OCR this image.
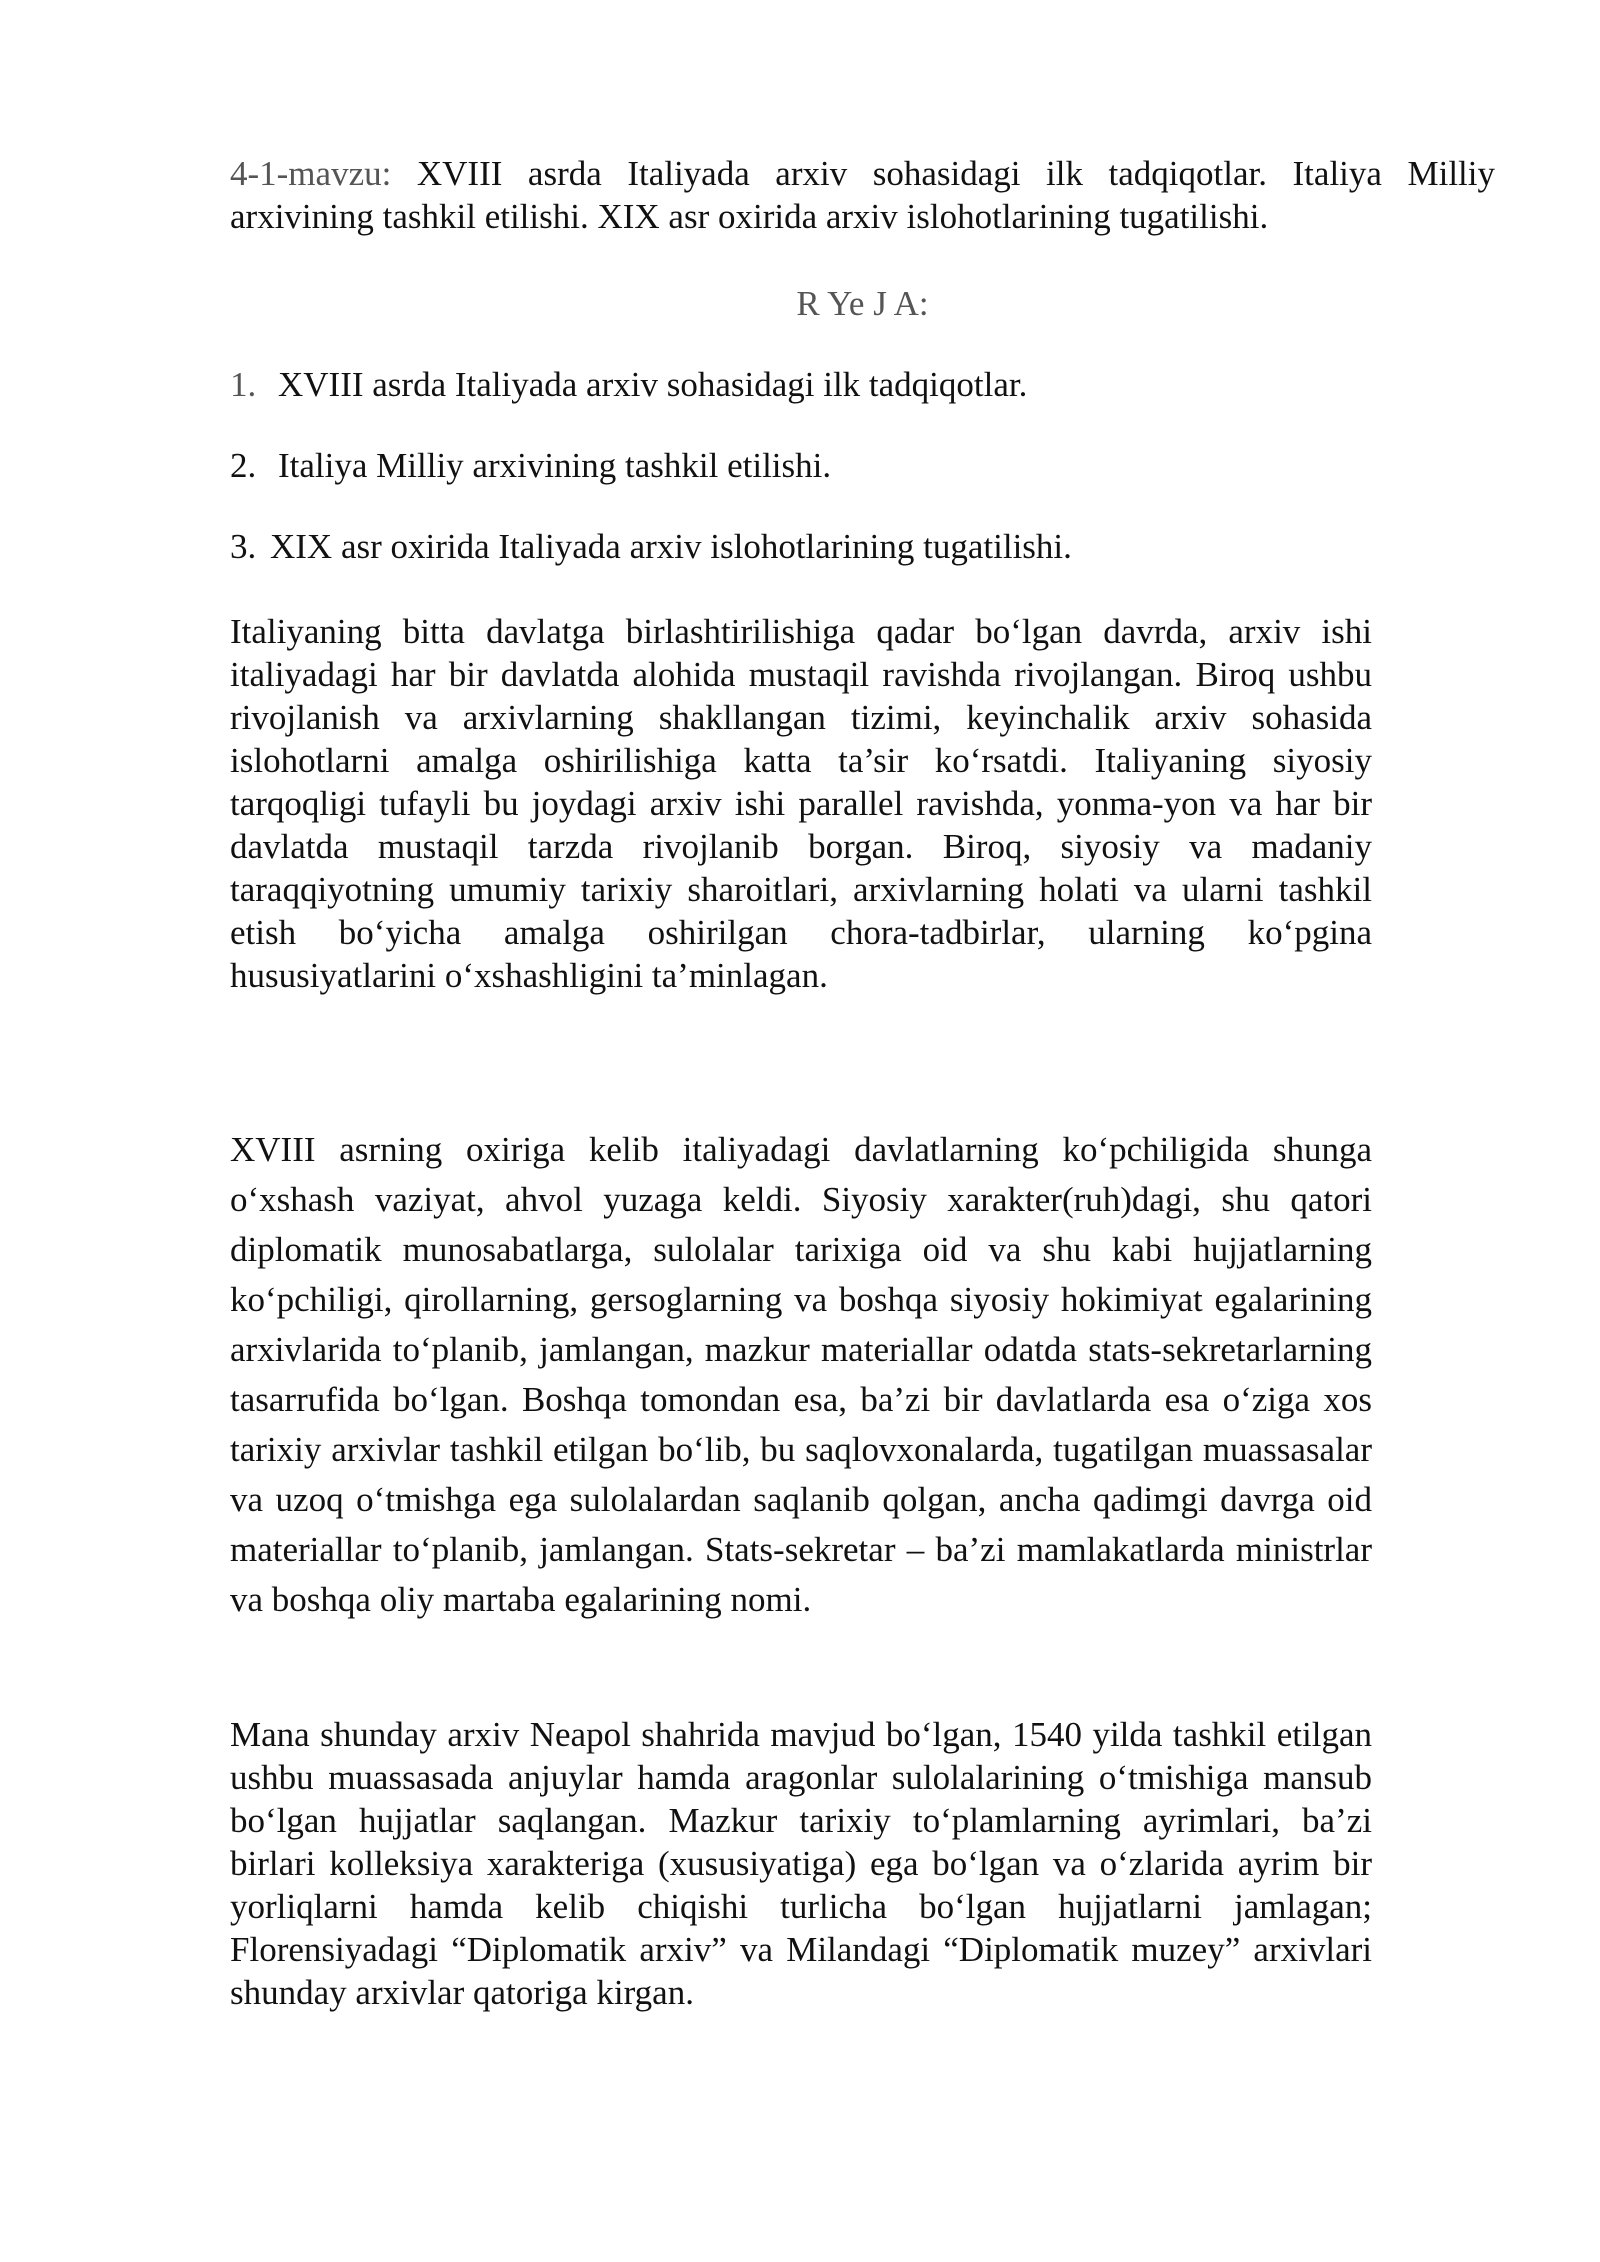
4-1-mavzu: XVIII asrda Italiyada arxiv sohasidagi ilk tadqiqotlar. Italiya Milliy arxivining tashkil etilishi. XIX asr oxirida arxiv islohotlarining tugatilishi.

R Ye J A:

1. XVIII asrda Italiyada arxiv sohasidagi ilk tadqiqotlar.

2. Italiya Milliy arxivining tashkil etilishi.

3. XIX asr oxirida Italiyada arxiv islohotlarining tugatilishi.

Italiyaning bitta davlatga birlashtirilishiga qadar bo‘lgan davrda, arxiv ishi italiyadagi har bir davlatda alohida mustaqil ravishda rivojlangan. Biroq ushbu rivojlanish va arxivlarning shakllangan tizimi, keyinchalik arxiv sohasida islohotlarni amalga oshirilishiga katta ta’sir ko‘rsatdi. Italiyaning siyosiy tarqoqligi tufayli bu joydagi arxiv ishi parallel ravishda, yonma-yon va har bir davlatda mustaqil tarzda rivojlanib borgan. Biroq, siyosiy va madaniy taraqqiyotning umumiy tarixiy sharoitlari, arxivlarning holati va ularni tashkil etish bo‘yicha amalga oshirilgan chora-tadbirlar, ularning ko‘pgina hususiyatlarini o‘xshashligini ta’minlagan.

XVIII asrning oxiriga kelib italiyadagi davlatlarning ko‘pchiligida shunga o‘xshash vaziyat, ahvol yuzaga keldi. Siyosiy xarakter(ruh)dagi, shu qatori diplomatik munosabatlarga, sulolalar tarixiga oid va shu kabi hujjatlarning ko‘pchiligi, qirollarning, gersoglarning va boshqa siyosiy hokimiyat egalarining arxivlarida to‘planib, jamlangan, mazkur materiallar odatda stats-sekretarlarning tasarrufida bo‘lgan. Boshqa tomondan esa, ba’zi bir davlatlarda esa o‘ziga xos tarixiy arxivlar tashkil etilgan bo‘lib, bu saqlovxonalarda, tugatilgan muassasalar va uzoq o‘tmishga ega sulolalardan saqlanib qolgan, ancha qadimgi davrga oid materiallar to‘planib, jamlangan. Stats-sekretar – ba’zi mamlakatlarda ministrlar va boshqa oliy martaba egalarining nomi.

Mana shunday arxiv Neapol shahrida mavjud bo‘lgan, 1540 yilda tashkil etilgan ushbu muassasada anjuylar hamda aragonlar sulolalarining o‘tmishiga mansub bo‘lgan hujjatlar saqlangan. Mazkur tarixiy to‘plamlarning ayrimlari, ba’zi birlari kolleksiya xarakteriga (xususiyatiga) ega bo‘lgan va o‘zlarida ayrim bir yorliqlarni hamda kelib chiqishi turlicha bo‘lgan hujjatlarni jamlagan; Florensiyadagi “Diplomatik arxiv” va Milandagi “Diplomatik muzey” arxivlari shunday arxivlar qatoriga kirgan.
